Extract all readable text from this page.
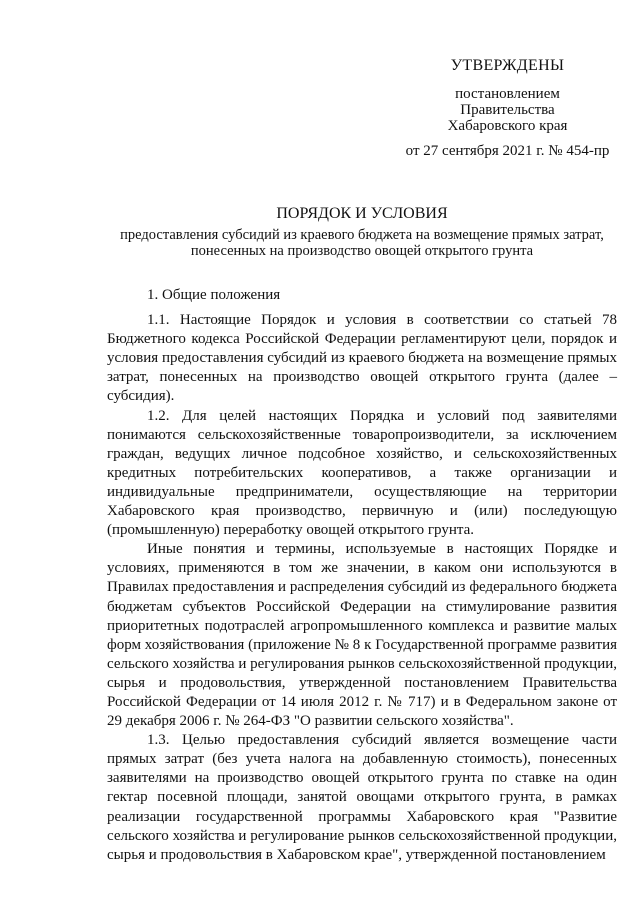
УТВЕРЖДЕНЫ
постановлением
Правительства
Хабаровского края
от 27 сентября 2021 г. № 454-пр
ПОРЯДОК И УСЛОВИЯ
предоставления субсидий из краевого бюджета на возмещение прямых затрат, понесенных на производство овощей открытого грунта

1. Общие положения

1.1. Настоящие Порядок и условия в соответствии со статьей 78 Бюджетного кодекса Российской Федерации регламентируют цели, порядок и условия предоставления субсидий из краевого бюджета на возмещение прямых затрат, понесенных на производство овощей открытого грунта (далее – субсидия).

1.2. Для целей настоящих Порядка и условий под заявителями понимаются сельскохозяйственные товаропроизводители, за исключением граждан, ведущих личное подсобное хозяйство, и сельскохозяйственных кредитных потребительских кооперативов, а также организации и индивидуальные предприниматели, осуществляющие на территории Хабаровского края производство, первичную и (или) последующую (промышленную) переработку овощей открытого грунта.

Иные понятия и термины, используемые в настоящих Порядке и условиях, применяются в том же значении, в каком они используются в Правилах предоставления и распределения субсидий из федерального бюджета бюджетам субъектов Российской Федерации на стимулирование развития приоритетных подотраслей агропромышленного комплекса и развитие малых форм хозяйствования (приложение № 8 к Государственной программе развития сельского хозяйства и регулирования рынков сельскохозяйственной продукции, сырья и продовольствия, утвержденной постановлением Правительства Российской Федерации от 14 июля 2012 г. № 717) и в Федеральном законе от 29 декабря 2006 г. № 264-ФЗ "О развитии сельского хозяйства".

1.3. Целью предоставления субсидий является возмещение части прямых затрат (без учета налога на добавленную стоимость), понесенных заявителями на производство овощей открытого грунта по ставке на один гектар посевной площади, занятой овощами открытого грунта, в рамках реализации государственной программы Хабаровского края "Развитие сельского хозяйства и регулирование рынков сельскохозяйственной продукции, сырья и продовольствия в Хабаровском крае", утвержденной постановлением
